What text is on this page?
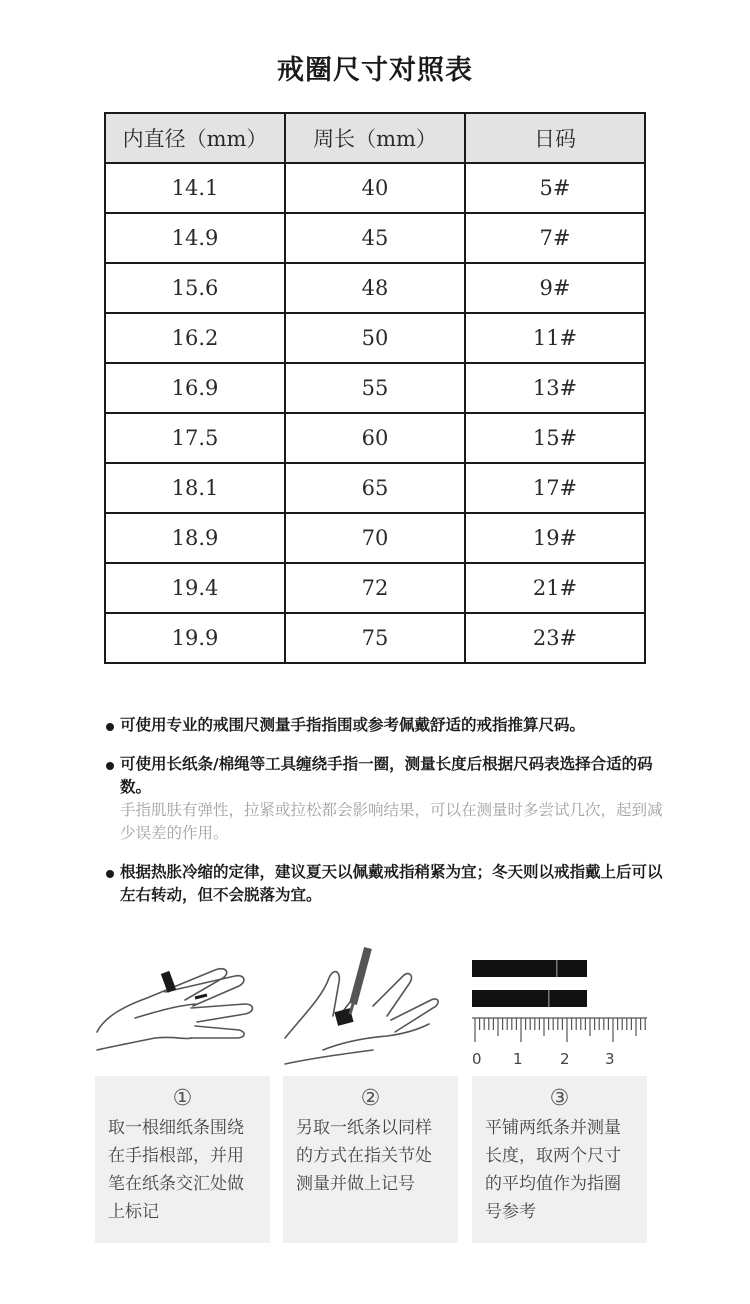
戒圈尺寸对照表
内直径（mm）	周长（mm）	日码
14.1	40	5#
14.9	45	7#
15.6	48	9#
16.2	50	11#
16.9	55	13#
17.5	60	15#
18.1	65	17#
18.9	70	19#
19.4	72	21#
19.9	75	23#
可使用专业的戒围尺测量手指指围或参考佩戴舒适的戒指推算尺码。
可使用长纸条/棉绳等工具缠绕手指一圈，测量长度后根据尺码表选择合适的码数。
手指肌肤有弹性，拉紧或拉松都会影响结果，可以在测量时多尝试几次，起到减少误差的作用。
根据热胀冷缩的定律，建议夏天以佩戴戒指稍紧为宜；冬天则以戒指戴上后可以左右转动，但不会脱落为宜。
①
取一根细纸条围绕在手指根部，并用笔在纸条交汇处做上标记
②
另取一纸条以同样的方式在指关节处测量并做上记号
0 1 2 3
③
平铺两纸条并测量长度，取两个尺寸的平均值作为指圈号参考
